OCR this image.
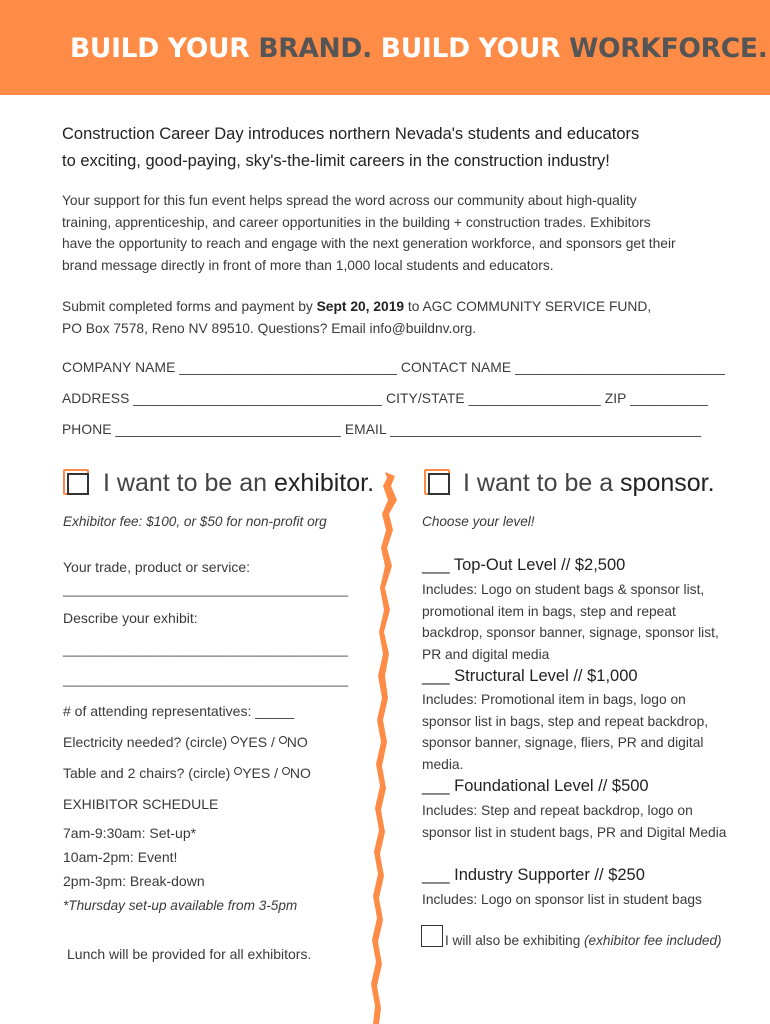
BUILD YOUR BRAND. BUILD YOUR WORKFORCE.
Construction Career Day introduces northern Nevada's students and educators
to exciting, good-paying, sky's-the-limit careers in the construction industry!
Your support for this fun event helps spread the word across our community about high-quality
training, apprenticeship, and career opportunities in the building + construction trades. Exhibitors
have the opportunity to reach and engage with the next generation workforce, and sponsors get their
brand message directly in front of more than 1,000 local students and educators.
Submit completed forms and payment by Sept 20, 2019 to AGC COMMUNITY SERVICE FUND,
PO Box 7578, Reno NV 89510. Questions? Email info@buildnv.org.
COMPANY NAME ____________________________ CONTACT NAME ___________________________
ADDRESS ________________________________ CITY/STATE _________________ ZIP __________
PHONE _____________________________ EMAIL ________________________________________
I want to be an exhibitor.
Exhibitor fee: $100, or $50 for non-profit org
Your trade, product or service:
_________________________________________
Describe your exhibit:
_________________________________________
_________________________________________
# of attending representatives: _____
Electricity needed? (circle) YES / NO
Table and 2 chairs? (circle) YES / NO
EXHIBITOR SCHEDULE
7am-9:30am: Set-up*
10am-2pm: Event!
2pm-3pm: Break-down
*Thursday set-up available from 3-5pm
Lunch will be provided for all exhibitors.
I want to be a sponsor.
Choose your level!
___ Top-Out Level // $2,500
Includes: Logo on student bags & sponsor list, promotional item in bags, step and repeat backdrop, sponsor banner, signage, sponsor list, PR and digital media
___ Structural Level // $1,000
Includes: Promotional item in bags, logo on sponsor list in bags, step and repeat backdrop, sponsor banner, signage, fliers, PR and digital media.
___ Foundational Level // $500
Includes: Step and repeat backdrop, logo on sponsor list in student bags, PR and Digital Media
___ Industry Supporter // $250
Includes: Logo on sponsor list in student bags
I will also be exhibiting (exhibitor fee included)
